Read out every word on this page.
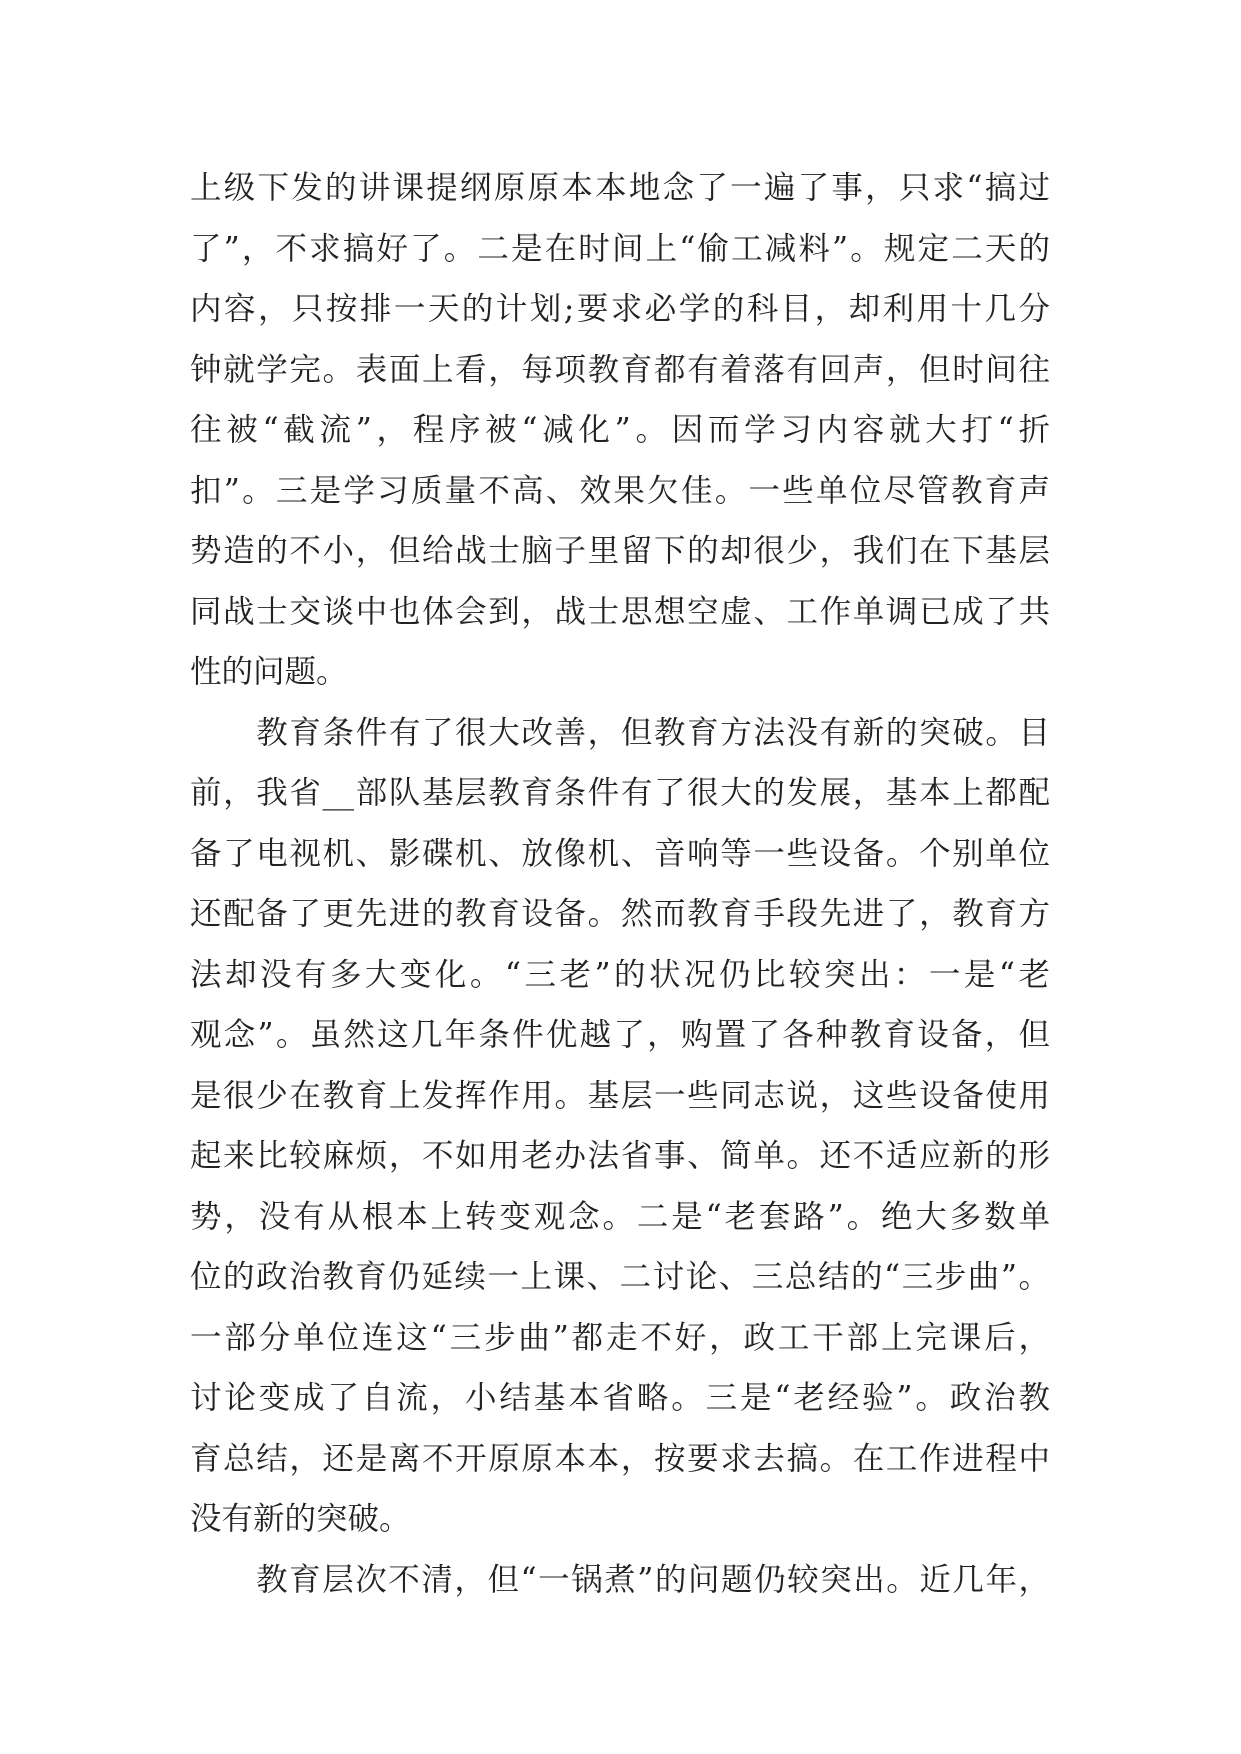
上级下发的讲课提纲原原本本地念了一遍了事，只求“搞过
了”，不求搞好了。二是在时间上“偷工减料”。规定二天的
内容，只按排一天的计划;要求必学的科目，却利用十几分
钟就学完。表面上看，每项教育都有着落有回声，但时间往
往被“截流”，程序被“减化”。因而学习内容就大打“折
扣”。三是学习质量不高、效果欠佳。一些单位尽管教育声
势造的不小，但给战士脑子里留下的却很少，我们在下基层
同战士交谈中也体会到，战士思想空虚、工作单调已成了共
性的问题。
　　教育条件有了很大改善，但教育方法没有新的突破。目
前，我省__部队基层教育条件有了很大的发展，基本上都配
备了电视机、影碟机、放像机、音响等一些设备。个别单位
还配备了更先进的教育设备。然而教育手段先进了，教育方
法却没有多大变化。“三老”的状况仍比较突出：一是“老
观念”。虽然这几年条件优越了，购置了各种教育设备，但
是很少在教育上发挥作用。基层一些同志说，这些设备使用
起来比较麻烦，不如用老办法省事、简单。还不适应新的形
势，没有从根本上转变观念。二是“老套路”。绝大多数单
位的政治教育仍延续一上课、二讨论、三总结的“三步曲”。
一部分单位连这“三步曲”都走不好，政工干部上完课后，
讨论变成了自流，小结基本省略。三是“老经验”。政治教
育总结，还是离不开原原本本，按要求去搞。在工作进程中
没有新的突破。
　　教育层次不清，但“一锅煮”的问题仍较突出。近几年，
